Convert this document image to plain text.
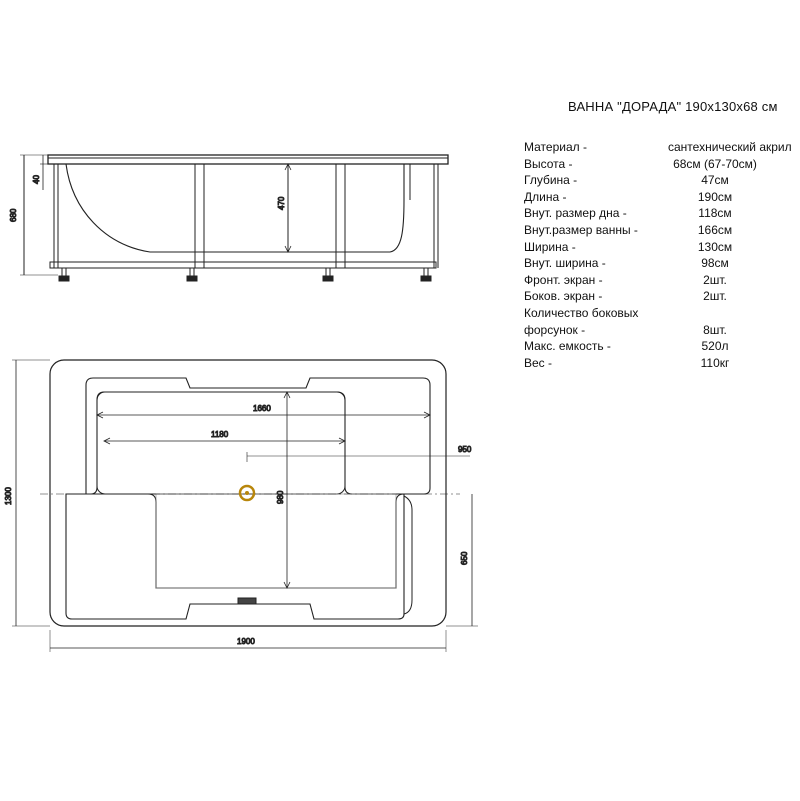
680
40
470
1660
1180
950
980
1300
650
1900
ВАННА "ДОРАДА" 190x130x68 см
Материал -	сантехнический акрил
Высота -	68см (67-70см)
Глубина -	47см
Длина -	190см
Внут. размер дна -	118см
Внут.размер ванны -	166см
Ширина -	130см
Внут. ширина -	98см
Фронт. экран -	2шт.
Боков. экран -	2шт.
Количество боковых
форсунок -	8шт.
Макс. емкость -	520л
Вес -	110кг
